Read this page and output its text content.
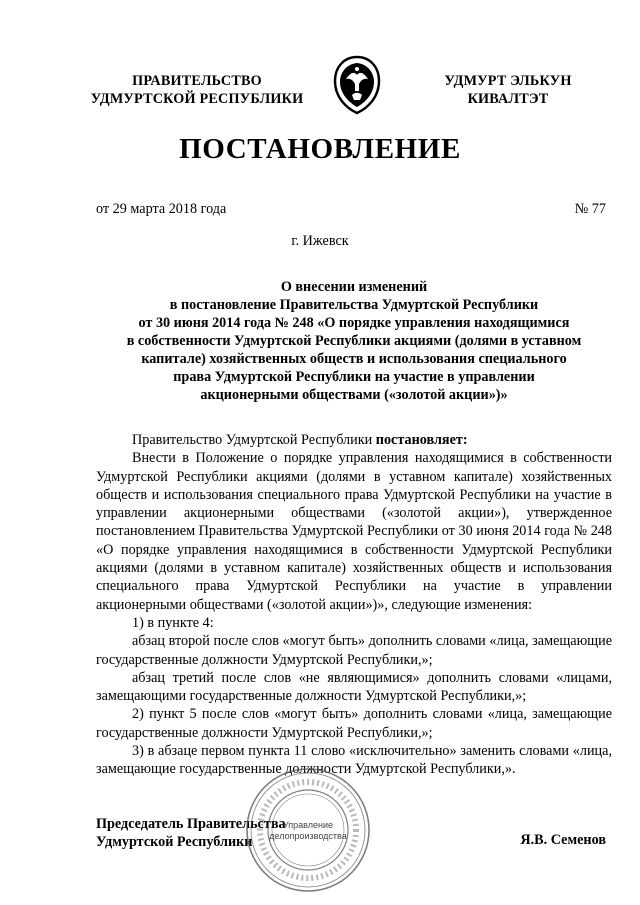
ПРАВИТЕЛЬСТВО
УДМУРТСКОЙ РЕСПУБЛИКИ
УДМУРТ ЭЛЬКУН
КИВАЛТЭТ
ПОСТАНОВЛЕНИЕ
от 29 марта 2018 года	№ 77
г. Ижевск
О внесении изменений
в постановление Правительства Удмуртской Республики
от 30 июня 2014 года № 248 «О порядке управления находящимися
в собственности Удмуртской Республики акциями (долями в уставном
капитале) хозяйственных обществ и использования специального
права Удмуртской Республики на участие в управлении
акционерными обществами («золотой акции»)»

Правительство Удмуртской Республики постановляет:

Внести в Положение о порядке управления находящимися в собственности Удмуртской Республики акциями (долями в уставном капитале) хозяйственных обществ и использования специального права Удмуртской Республики на участие в управлении акционерными обществами («золотой акции»), утвержденное постановлением Правительства Удмуртской Республики от 30 июня 2014 года № 248 «О порядке управления находящимися в собственности Удмуртской Республики акциями (долями в уставном капитале) хозяйственных обществ и использования специального права Удмуртской Республики на участие в управлении акционерными обществами («золотой акции»)», следующие изменения:

1) в пункте 4:

абзац второй после слов «могут быть» дополнить словами «лица, замещающие государственные должности Удмуртской Республики,»;

абзац третий после слов «не являющимися» дополнить словами «лицами, замещающими государственные должности Удмуртской Республики,»;

2) пункт 5 после слов «могут быть» дополнить словами «лица, замещающие государственные должности Удмуртской Республики,»;

3) в абзаце первом пункта 11 слово «исключительно» заменить словами «лица, замещающие государственные должности Удмуртской Республики,».

Председатель Правительства
Удмуртской Республики	Я.В. Семенов
Управление
делопроизводства
